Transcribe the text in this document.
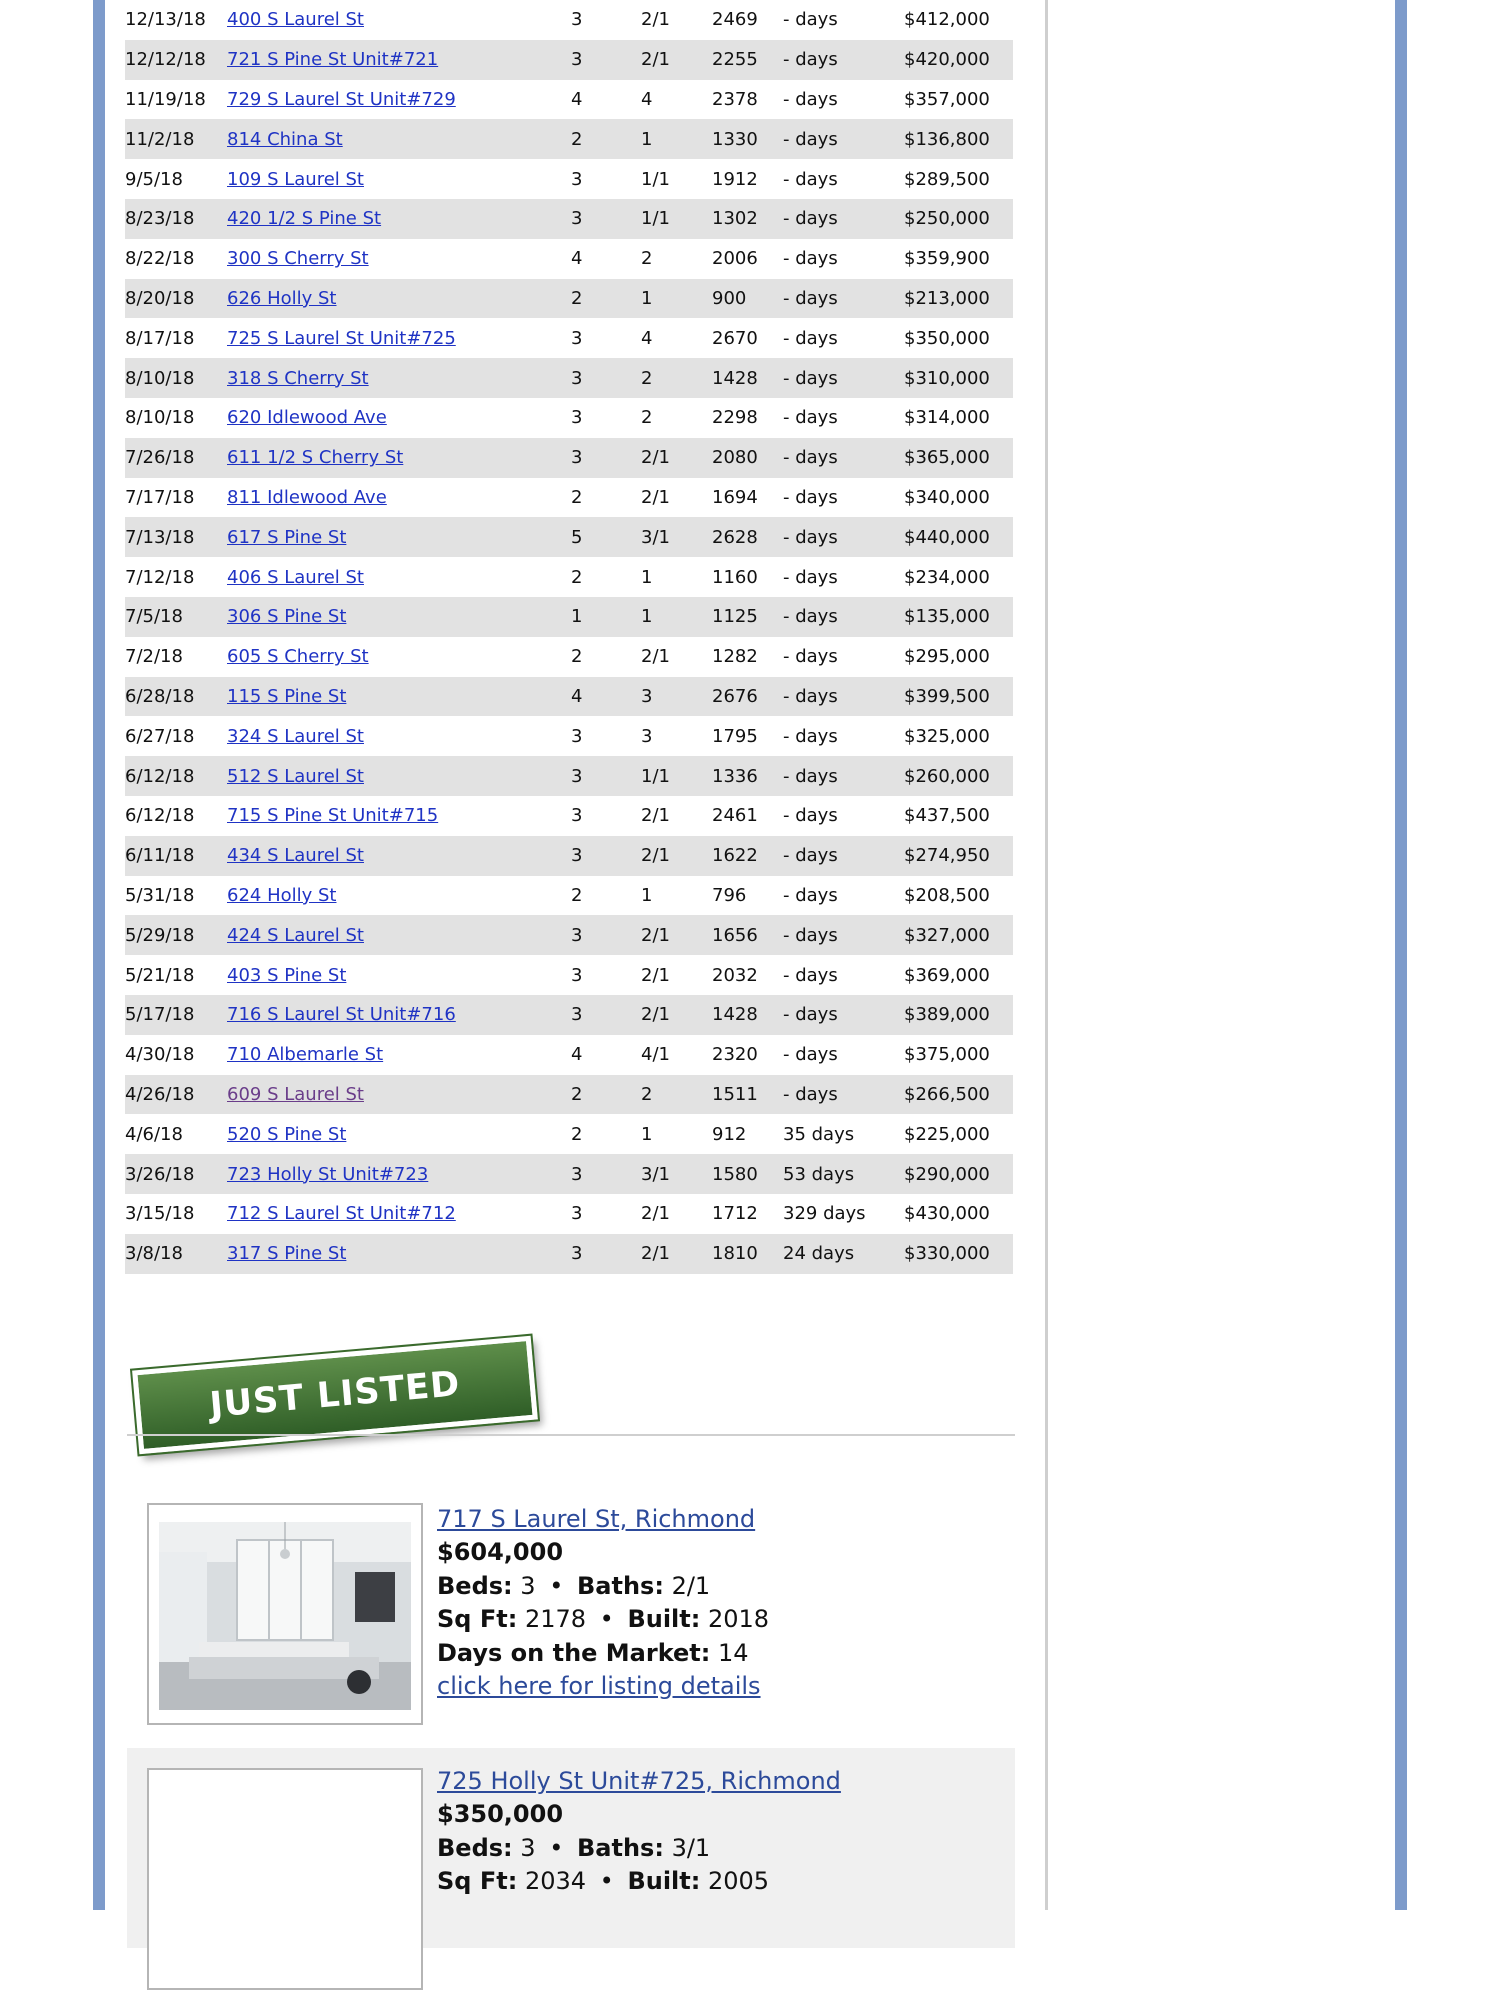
12/13/18	400 S Laurel St	3	2/1	2469	- days	$412,000
12/12/18	721 S Pine St Unit#721	3	2/1	2255	- days	$420,000
11/19/18	729 S Laurel St Unit#729	4	4	2378	- days	$357,000
11/2/18	814 China St	2	1	1330	- days	$136,800
9/5/18	109 S Laurel St	3	1/1	1912	- days	$289,500
8/23/18	420 1/2 S Pine St	3	1/1	1302	- days	$250,000
8/22/18	300 S Cherry St	4	2	2006	- days	$359,900
8/20/18	626 Holly St	2	1	900	- days	$213,000
8/17/18	725 S Laurel St Unit#725	3	4	2670	- days	$350,000
8/10/18	318 S Cherry St	3	2	1428	- days	$310,000
8/10/18	620 Idlewood Ave	3	2	2298	- days	$314,000
7/26/18	611 1/2 S Cherry St	3	2/1	2080	- days	$365,000
7/17/18	811 Idlewood Ave	2	2/1	1694	- days	$340,000
7/13/18	617 S Pine St	5	3/1	2628	- days	$440,000
7/12/18	406 S Laurel St	2	1	1160	- days	$234,000
7/5/18	306 S Pine St	1	1	1125	- days	$135,000
7/2/18	605 S Cherry St	2	2/1	1282	- days	$295,000
6/28/18	115 S Pine St	4	3	2676	- days	$399,500
6/27/18	324 S Laurel St	3	3	1795	- days	$325,000
6/12/18	512 S Laurel St	3	1/1	1336	- days	$260,000
6/12/18	715 S Pine St Unit#715	3	2/1	2461	- days	$437,500
6/11/18	434 S Laurel St	3	2/1	1622	- days	$274,950
5/31/18	624 Holly St	2	1	796	- days	$208,500
5/29/18	424 S Laurel St	3	2/1	1656	- days	$327,000
5/21/18	403 S Pine St	3	2/1	2032	- days	$369,000
5/17/18	716 S Laurel St Unit#716	3	2/1	1428	- days	$389,000
4/30/18	710 Albemarle St	4	4/1	2320	- days	$375,000
4/26/18	609 S Laurel St	2	2	1511	- days	$266,500
4/6/18	520 S Pine St	2	1	912	35 days	$225,000
3/26/18	723 Holly St Unit#723	3	3/1	1580	53 days	$290,000
3/15/18	712 S Laurel St Unit#712	3	2/1	1712	329 days	$430,000
3/8/18	317 S Pine St	3	2/1	1810	24 days	$330,000
JUST LISTED
717 S Laurel St, Richmond
$604,000
Beds: 3 • Baths: 2/1
Sq Ft: 2178 • Built: 2018
Days on the Market: 14
click here for listing details
725 Holly St Unit#725, Richmond
$350,000
Beds: 3 • Baths: 3/1
Sq Ft: 2034 • Built: 2005
